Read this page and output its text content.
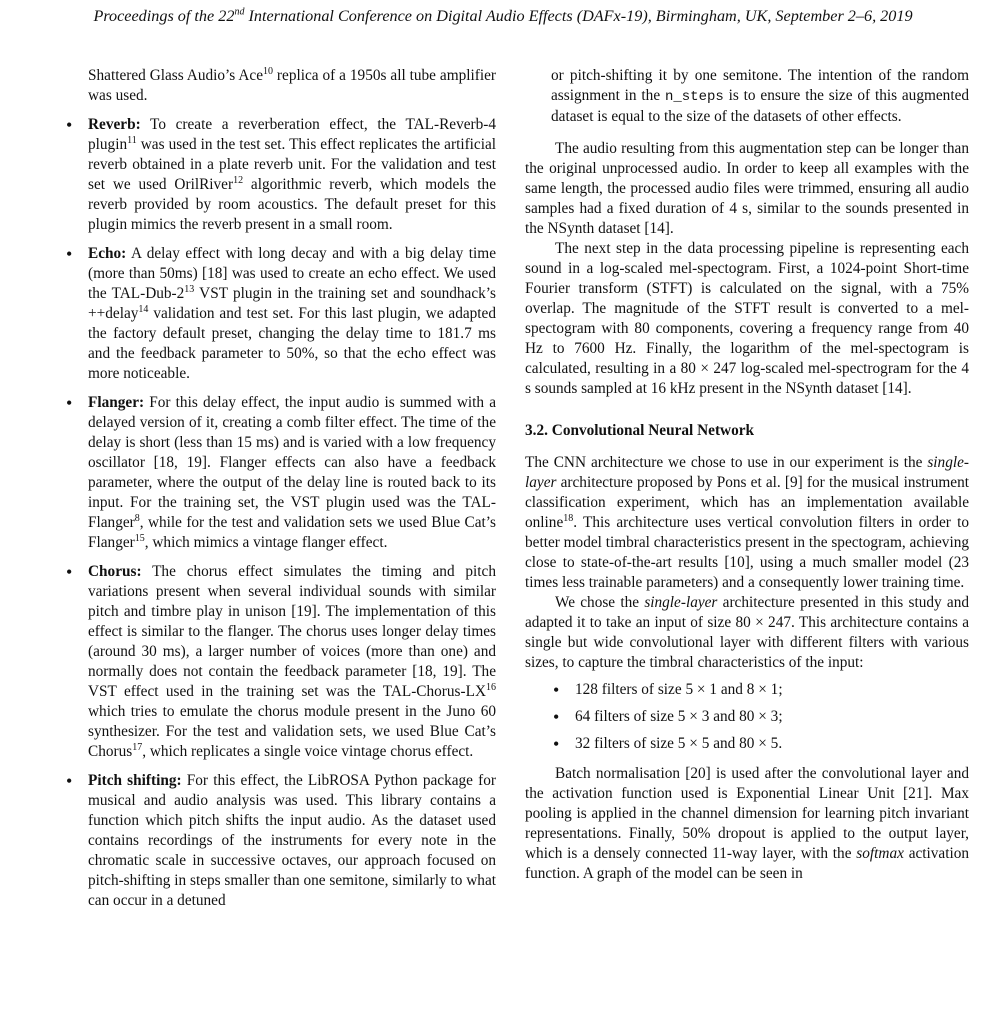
Proceedings of the 22nd International Conference on Digital Audio Effects (DAFx-19), Birmingham, UK, September 2–6, 2019

Shattered Glass Audio’s Ace$^{10}$ replica of a 1950s all tube amplifier was used.

• Reverb: To create a reverberation effect, the TAL-Reverb-4 plugin$^{11}$ was used in the test set. This effect replicates the artificial reverb obtained in a plate reverb unit. For the validation and test set we used OrilRiver$^{12}$ algorithmic reverb, which models the reverb provided by room acoustics. The default preset for this plugin mimics the reverb present in a small room.
• Echo: A delay effect with long decay and with a big delay time (more than 50ms) [18] was used to create an echo effect. We used the TAL-$Dub-2^{13}$ VST plugin in the training set and soundhack’s ++delay$^{14}$ validation and test set. For this last plugin, we adapted the factory default preset, changing the delay time to 181.7 ms and the feedback parameter to 50%, so that the echo effect was more noticeable.
• Flanger: For this delay effect, the input audio is summed with a delayed version of it, creating a comb filter effect. The time of the delay is short (less than 15 ms) and is varied with a low frequency oscillator [18, 19]. Flanger effects can also have a feedback parameter, where the output of the delay line is routed back to its input. For the training set, the VST plugin used was the TAL-Flanger$^8$, while for the test and validation sets we used Blue Cat’s Flanger$^{15}$, which mimics a vintage flanger effect.
• Chorus: The chorus effect simulates the timing and pitch variations present when several individual sounds with similar pitch and timbre play in unison [19]. The implementation of this effect is similar to the flanger. The chorus uses longer delay times (around 30 ms), a larger number of voices (more than one) and normally does not contain the feedback parameter [18, 19]. The VST effect used in the training set was the TAL-Chorus-LX$^{16}$ which tries to emulate the chorus module present in the Juno 60 synthesizer. For the test and validation sets, we used Blue Cat’s Chorus$^{17}$, which replicates a single voice vintage chorus effect.
• Pitch shifting: For this effect, the LibROSA Python package for musical and audio analysis was used. This library contains a function which pitch shifts the input audio. As the dataset used contains recordings of the instruments for every note in the chromatic scale in successive octaves, our approach focused on pitch-shifting in steps smaller than one semitone, similarly to what can occur in a detuned

or pitch-shifting it by one semitone. The intention of the random assignment in the n_steps is to ensure the size of this augmented dataset is equal to the size of the datasets of other effects.

The audio resulting from this augmentation step can be longer than the original unprocessed audio. In order to keep all examples with the same length, the processed audio files were trimmed, ensuring all audio samples had a fixed duration of 4 s, similar to the sounds presented in the NSynth dataset [14].

The next step in the data processing pipeline is representing each sound in a log-scaled mel-spectogram. First, a 1024-point Short-time Fourier transform (STFT) is calculated on the signal, with a 75% overlap. The magnitude of the STFT result is converted to a mel-spectogram with 80 components, covering a frequency range from 40 Hz to 7600 Hz. Finally, the logarithm of the mel-spectogram is calculated, resulting in a 80 × 247 log-scaled mel-spectrogram for the 4 s sounds sampled at 16 kHz present in the NSynth dataset [14].

3.2. Convolutional Neural Network

The CNN architecture we chose to use in our experiment is the single-layer architecture proposed by Pons et al. [9] for the musical instrument classification experiment, which has an implementation available online$^{18}$. This architecture uses vertical convolution filters in order to better model timbral characteristics present in the spectogram, achieving close to state-of-the-art results [10], using a much smaller model (23 times less trainable parameters) and a consequently lower training time.

We chose the single-layer architecture presented in this study and adapted it to take an input of size 80 × 247. This architecture contains a single but wide convolutional layer with different filters with various sizes, to capture the timbral characteristics of the input:

• 128 filters of size 5 × 1 and 8 × 1;
• 64 filters of size 5 × 3 and 80 × 3;
• 32 filters of size 5 × 5 and 80 × 5.

Batch normalisation [20] is used after the convolutional layer and the activation function used is Exponential Linear Unit [21]. Max pooling is applied in the channel dimension for learning pitch invariant representations. Finally, 50% dropout is applied to the output layer, which is a densely connected 11-way layer, with the softmax activation function. A graph of the model can be seen in
